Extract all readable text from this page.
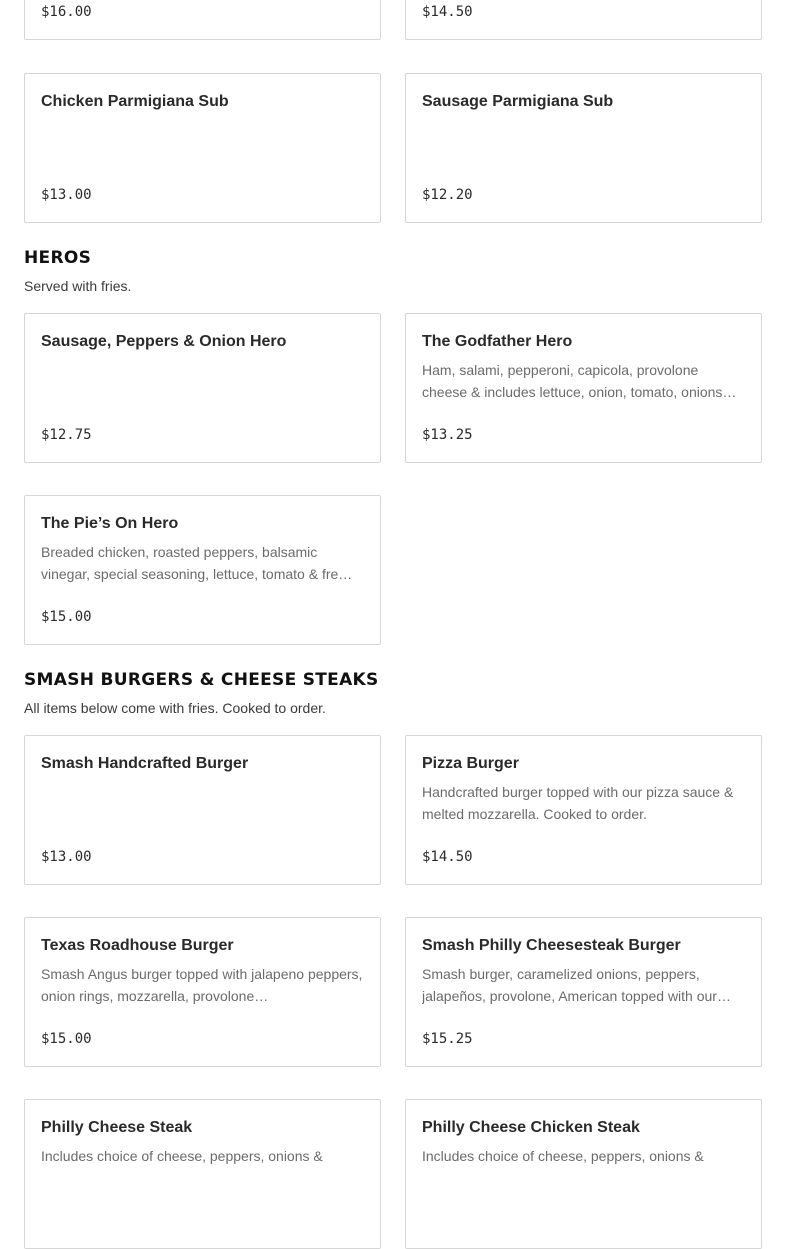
$16.00	$14.50
Chicken Parmigiana Sub
$13.00
Sausage Parmigiana Sub
$12.20
HEROS
Served with fries.
Sausage, Peppers & Onion Hero
$12.75
The Godfather Hero
Ham, salami, pepperoni, capicola, provolone cheese & includes lettuce, onion, tomato, onions…
$13.25
The Pie’s On Hero
Breaded chicken, roasted peppers, balsamic vinegar, special seasoning, lettuce, tomato & fre…
$15.00
SMASH BURGERS & CHEESE STEAKS
All items below come with fries. Cooked to order.
Smash Handcrafted Burger
$13.00
Pizza Burger
Handcrafted burger topped with our pizza sauce & melted mozzarella. Cooked to order.
$14.50
Texas Roadhouse Burger
Smash Angus burger topped with jalapeno peppers, onion rings, mozzarella, provolone…
$15.00
Smash Philly Cheesesteak Burger
Smash burger, caramelized onions, peppers, jalapeños, provolone, American topped with our…
$15.25
Philly Cheese Steak
Includes choice of cheese, peppers, onions &
Philly Cheese Chicken Steak
Includes choice of cheese, peppers, onions &
